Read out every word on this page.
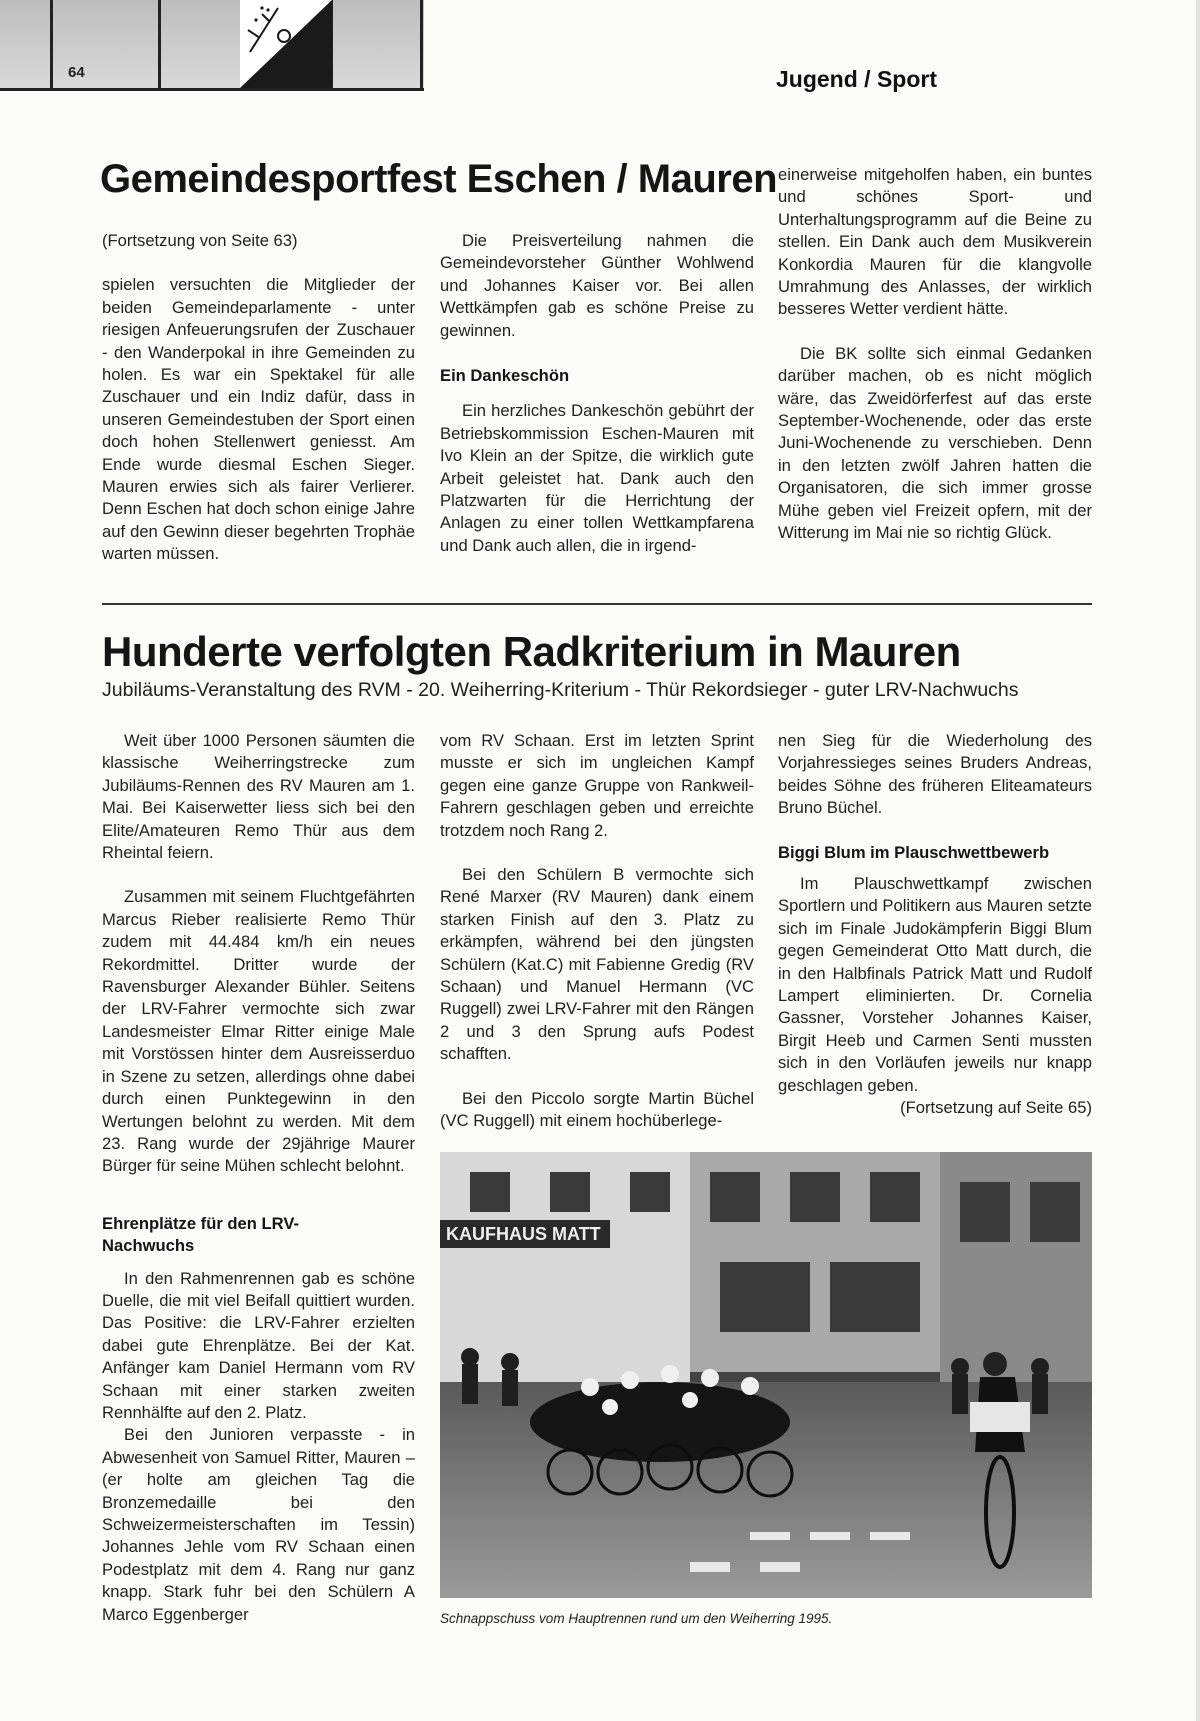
64	Jugend / Sport
Gemeindesportfest Eschen / Mauren

(Fortsetzung von Seite 63)

spielen versuchten die Mitglieder der beiden Gemeindeparlamente - unter riesigen Anfeuerungsrufen der Zuschauer - den Wanderpokal in ihre Gemeinden zu holen. Es war ein Spektakel für alle Zuschauer und ein Indiz dafür, dass in unseren Gemeindestuben der Sport einen doch hohen Stellenwert geniesst. Am Ende wurde diesmal Eschen Sieger. Mauren erwies sich als fairer Verlierer. Denn Eschen hat doch schon einige Jahre auf den Gewinn dieser begehrten Trophäe warten müssen.

Die Preisverteilung nahmen die Gemeindevorsteher Günther Wohlwend und Johannes Kaiser vor. Bei allen Wettkämpfen gab es schöne Preise zu gewinnen.

Ein Dankeschön

Ein herzliches Dankeschön gebührt der Betriebskommission Eschen-Mauren mit Ivo Klein an der Spitze, die wirklich gute Arbeit geleistet hat. Dank auch den Platzwarten für die Herrichtung der Anlagen zu einer tollen Wettkampfarena und Dank auch allen, die in irgend-

einerweise mitgeholfen haben, ein buntes und schönes Sport- und Unterhaltungsprogramm auf die Beine zu stellen. Ein Dank auch dem Musikverein Konkordia Mauren für die klangvolle Umrahmung des Anlasses, der wirklich besseres Wetter verdient hätte.

Die BK sollte sich einmal Gedanken darüber machen, ob es nicht möglich wäre, das Zweidörferfest auf das erste September-Wochenende, oder das erste Juni-Wochenende zu verschieben. Denn in den letzten zwölf Jahren hatten die Organisatoren, die sich immer grosse Mühe geben viel Freizeit opfern, mit der Witterung im Mai nie so richtig Glück.

Hunderte verfolgten Radkriterium in Mauren
Jubiläums-Veranstaltung des RVM - 20. Weiherring-Kriterium - Thür Rekordsieger - guter LRV-Nachwuchs

Weit über 1000 Personen säumten die klassische Weiherringstrecke zum Jubiläums-Rennen des RV Mauren am 1. Mai. Bei Kaiserwetter liess sich bei den Elite/Amateuren Remo Thür aus dem Rheintal feiern.

Zusammen mit seinem Fluchtgefährten Marcus Rieber realisierte Remo Thür zudem mit 44.484 km/h ein neues Rekordmittel. Dritter wurde der Ravensburger Alexander Bühler. Seitens der LRV-Fahrer vermochte sich zwar Landesmeister Elmar Ritter einige Male mit Vorstössen hinter dem Ausreisserduo in Szene zu setzen, allerdings ohne dabei durch einen Punktegewinn in den Wertungen belohnt zu werden. Mit dem 23. Rang wurde der 29jährige Maurer Bürger für seine Mühen schlecht belohnt.

Ehrenplätze für den LRV-Nachwuchs

In den Rahmenrennen gab es schöne Duelle, die mit viel Beifall quittiert wurden. Das Positive: die LRV-Fahrer erzielten dabei gute Ehrenplätze. Bei der Kat. Anfänger kam Daniel Hermann vom RV Schaan mit einer starken zweiten Rennhälfte auf den 2. Platz.

Bei den Junioren verpasste - in Abwesenheit von Samuel Ritter, Mauren – (er holte am gleichen Tag die Bronzemedaille bei den Schweizermeisterschaften im Tessin) Johannes Jehle vom RV Schaan einen Podestplatz mit dem 4. Rang nur ganz knapp. Stark fuhr bei den Schülern A Marco Eggenberger

vom RV Schaan. Erst im letzten Sprint musste er sich im ungleichen Kampf gegen eine ganze Gruppe von Rankweil-Fahrern geschlagen geben und erreichte trotzdem noch Rang 2.

Bei den Schülern B vermochte sich René Marxer (RV Mauren) dank einem starken Finish auf den 3. Platz zu erkämpfen, während bei den jüngsten Schülern (Kat.C) mit Fabienne Gredig (RV Schaan) und Manuel Hermann (VC Ruggell) zwei LRV-Fahrer mit den Rängen 2 und 3 den Sprung aufs Podest schafften.

Bei den Piccolo sorgte Martin Büchel (VC Ruggell) mit einem hochüberlege-

nen Sieg für die Wiederholung des Vorjahressieges seines Bruders Andreas, beides Söhne des früheren Eliteamateurs Bruno Büchel.

Biggi Blum im Plauschwettbewerb

Im Plauschwettkampf zwischen Sportlern und Politikern aus Mauren setzte sich im Finale Judokämpferin Biggi Blum gegen Gemeinderat Otto Matt durch, die in den Halbfinals Patrick Matt und Rudolf Lampert eliminierten. Dr. Cornelia Gassner, Vorsteher Johannes Kaiser, Birgit Heeb und Carmen Senti mussten sich in den Vorläufen jeweils nur knapp geschlagen geben.

(Fortsetzung auf Seite 65)

KAUFHAUS MATT
Schnappschuss vom Hauptrennen rund um den Weiherring 1995.
